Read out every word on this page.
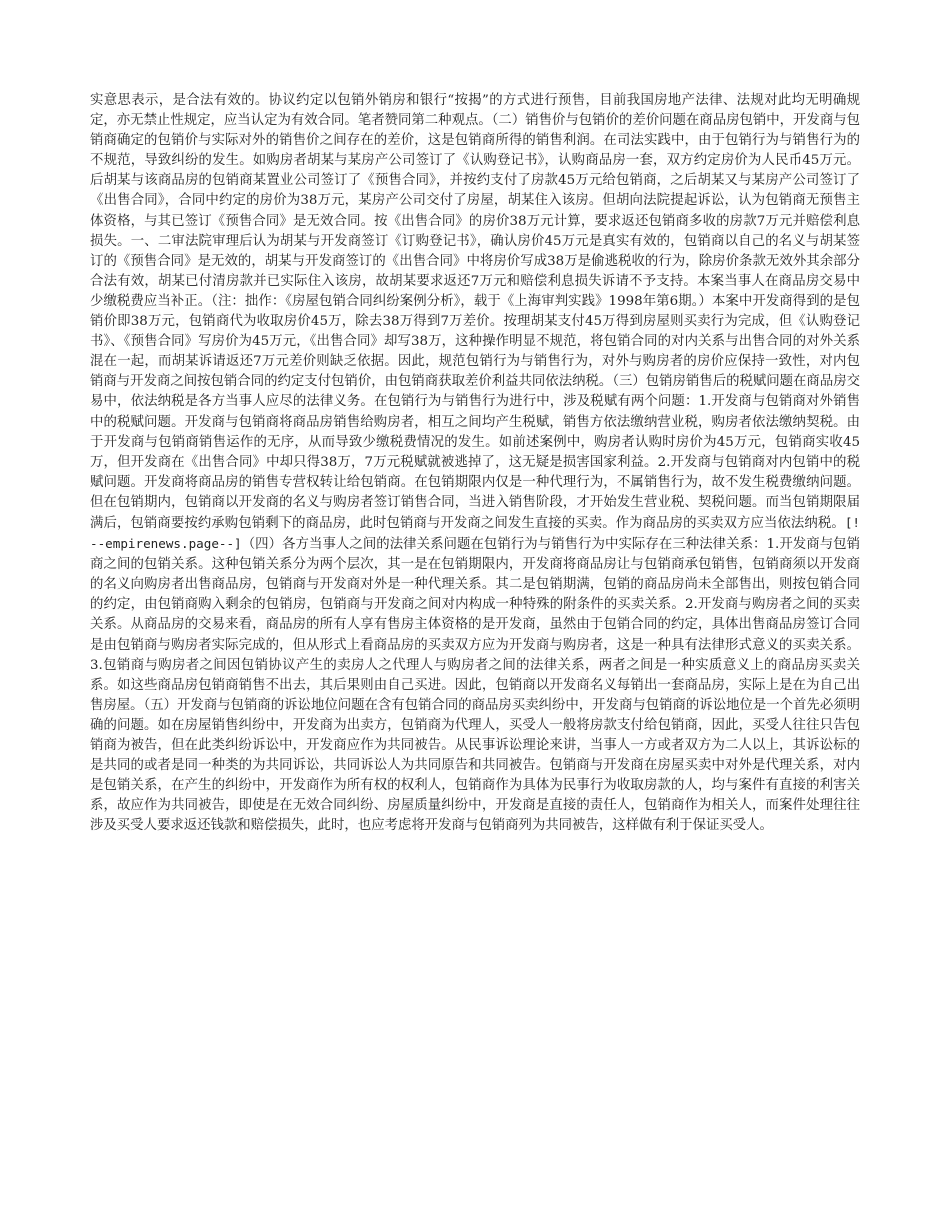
实意思表示，是合法有效的。协议约定以包销外销房和银行“按揭”的方式进行预售，目前我国房地产法律、法规对此均无明确规定，亦无禁止性规定，应当认定为有效合同。笔者赞同第二种观点。（二）销售价与包销价的差价问题在商品房包销中，开发商与包销商确定的包销价与实际对外的销售价之间存在的差价，这是包销商所得的销售利润。在司法实践中，由于包销行为与销售行为的不规范，导致纠纷的发生。如购房者胡某与某房产公司签订了《认购登记书》，认购商品房一套，双方约定房价为人民币45万元。后胡某与该商品房的包销商某置业公司签订了《预售合同》，并按约支付了房款45万元给包销商，之后胡某又与某房产公司签订了《出售合同》，合同中约定的房价为38万元，某房产公司交付了房屋，胡某住入该房。但胡向法院提起诉讼，认为包销商无预售主体资格，与其已签订《预售合同》是无效合同。按《出售合同》的房价38万元计算，要求返还包销商多收的房款7万元并赔偿利息损失。一、二审法院审理后认为胡某与开发商签订《订购登记书》，确认房价45万元是真实有效的，包销商以自己的名义与胡某签订的《预售合同》是无效的，胡某与开发商签订的《出售合同》中将房价写成38万是偷逃税收的行为，除房价条款无效外其余部分合法有效，胡某已付清房款并已实际住入该房，故胡某要求返还7万元和赔偿利息损失诉请不予支持。本案当事人在商品房交易中少缴税费应当补正。（注：拙作：《房屋包销合同纠纷案例分析》，载于《上海审判实践》1998年第6期。）本案中开发商得到的是包销价即38万元，包销商代为收取房价45万，除去38万得到7万差价。按理胡某支付45万得到房屋则买卖行为完成，但《认购登记书》、《预售合同》写房价为45万元，《出售合同》却写38万，这种操作明显不规范，将包销合同的对内关系与出售合同的对外关系混在一起，而胡某诉请返还7万元差价则缺乏依据。因此，规范包销行为与销售行为，对外与购房者的房价应保持一致性，对内包销商与开发商之间按包销合同的约定支付包销价，由包销商获取差价利益共同依法纳税。（三）包销房销售后的税赋问题在商品房交易中，依法纳税是各方当事人应尽的法律义务。在包销行为与销售行为进行中，涉及税赋有两个问题：1.开发商与包销商对外销售中的税赋问题。开发商与包销商将商品房销售给购房者，相互之间均产生税赋，销售方依法缴纳营业税，购房者依法缴纳契税。由于开发商与包销商销售运作的无序，从而导致少缴税费情况的发生。如前述案例中，购房者认购时房价为45万元，包销商实收45万，但开发商在《出售合同》中却只得38万，7万元税赋就被逃掉了，这无疑是损害国家利益。2.开发商与包销商对内包销中的税赋问题。开发商将商品房的销售专营权转让给包销商。在包销期限内仅是一种代理行为，不属销售行为，故不发生税费缴纳问题。但在包销期内，包销商以开发商的名义与购房者签订销售合同，当进入销售阶段，才开始发生营业税、契税问题。而当包销期限届满后，包销商要按约承购包销剩下的商品房，此时包销商与开发商之间发生直接的买卖。作为商品房的买卖双方应当依法纳税。[!--empirenews.page--]（四）各方当事人之间的法律关系问题在包销行为与销售行为中实际存在三种法律关系：1.开发商与包销商之间的包销关系。这种包销关系分为两个层次，其一是在包销期限内，开发商将商品房让与包销商承包销售，包销商须以开发商的名义向购房者出售商品房，包销商与开发商对外是一种代理关系。其二是包销期满，包销的商品房尚未全部售出，则按包销合同的约定，由包销商购入剩余的包销房，包销商与开发商之间对内构成一种特殊的附条件的买卖关系。2.开发商与购房者之间的买卖关系。从商品房的交易来看，商品房的所有人享有售房主体资格的是开发商，虽然由于包销合同的约定，具体出售商品房签订合同是由包销商与购房者实际完成的，但从形式上看商品房的买卖双方应为开发商与购房者，这是一种具有法律形式意义的买卖关系。3.包销商与购房者之间因包销协议产生的卖房人之代理人与购房者之间的法律关系，两者之间是一种实质意义上的商品房买卖关系。如这些商品房包销商销售不出去，其后果则由自己买进。因此，包销商以开发商名义每销出一套商品房，实际上是在为自己出售房屋。（五）开发商与包销商的诉讼地位问题在含有包销合同的商品房买卖纠纷中，开发商与包销商的诉讼地位是一个首先必须明确的问题。如在房屋销售纠纷中，开发商为出卖方，包销商为代理人，买受人一般将房款支付给包销商，因此，买受人往往只告包销商为被告，但在此类纠纷诉讼中，开发商应作为共同被告。从民事诉讼理论来讲，当事人一方或者双方为二人以上，其诉讼标的是共同的或者是同一种类的为共同诉讼，共同诉讼人为共同原告和共同被告。包销商与开发商在房屋买卖中对外是代理关系，对内是包销关系，在产生的纠纷中，开发商作为所有权的权利人，包销商作为具体为民事行为收取房款的人，均与案件有直接的利害关系，故应作为共同被告，即使是在无效合同纠纷、房屋质量纠纷中，开发商是直接的责任人，包销商作为相关人，而案件处理往往涉及买受人要求返还钱款和赔偿损失，此时，也应考虑将开发商与包销商列为共同被告，这样做有利于保证买受人。
